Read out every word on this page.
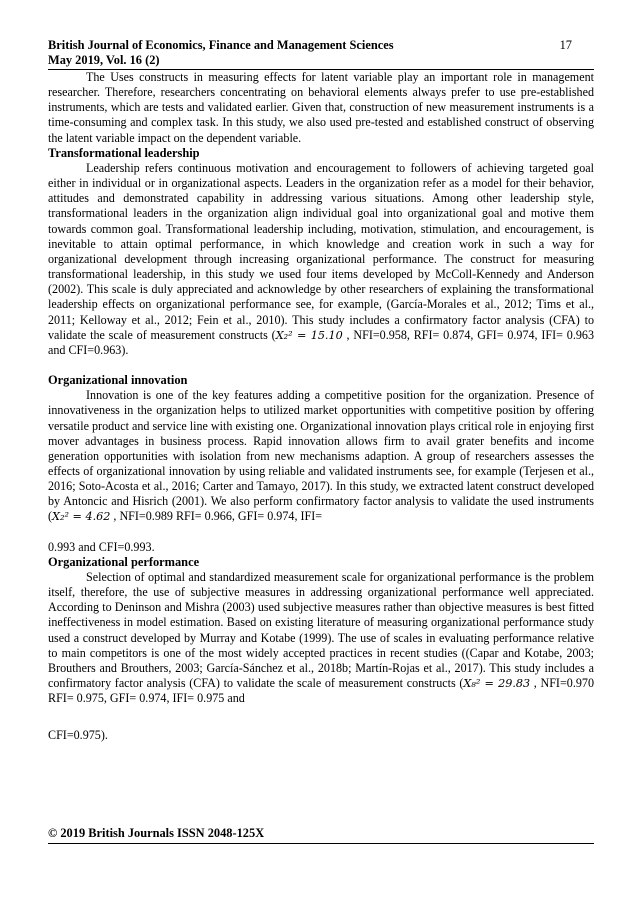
British Journal of Economics, Finance and Management Sciences	17
May 2019, Vol. 16 (2)

The Uses constructs in measuring effects for latent variable play an important role in management researcher. Therefore, researchers concentrating on behavioral elements always prefer to use pre-established instruments, which are tests and validated earlier. Given that, construction of new measurement instruments is a time-consuming and complex task. In this study, we also used pre-tested and established construct of observing the latent variable impact on the dependent variable.

Transformational leadership

Leadership refers continuous motivation and encouragement to followers of achieving targeted goal either in individual or in organizational aspects. Leaders in the organization refer as a model for their behavior, attitudes and demonstrated capability in addressing various situations. Among other leadership style, transformational leaders in the organization align individual goal into organizational goal and motive them towards common goal. Transformational leadership including, motivation, stimulation, and encouragement, is inevitable to attain optimal performance, in which knowledge and creation work in such a way for organizational development through increasing organizational performance. The construct for measuring transformational leadership, in this study we used four items developed by McColl-Kennedy and Anderson (2002). This scale is duly appreciated and acknowledge by other researchers of explaining the transformational leadership effects on organizational performance see, for example, (García-Morales et al., 2012; Tims et al., 2011; Kelloway et al., 2012; Fein et al., 2010). This study includes a confirmatory factor analysis (CFA) to validate the scale of measurement constructs (X₂² = 15.10 , NFI=0.958, RFI= 0.874, GFI= 0.974, IFI= 0.963 and CFI=0.963).

Organizational innovation

Innovation is one of the key features adding a competitive position for the organization. Presence of innovativeness in the organization helps to utilized market opportunities with competitive position by offering versatile product and service line with existing one. Organizational innovation plays critical role in enjoying first mover advantages in business process. Rapid innovation allows firm to avail grater benefits and income generation opportunities with isolation from new mechanisms adaption. A group of researchers assesses the effects of organizational innovation by using reliable and validated instruments see, for example (Terjesen et al., 2016; Soto-Acosta et al., 2016; Carter and Tamayo, 2017). In this study, we extracted latent construct developed by Antoncic and Hisrich (2001). We also perform confirmatory factor analysis to validate the used instruments (X₂² = 4.62 , NFI=0.989 RFI= 0.966, GFI= 0.974, IFI=

0.993 and CFI=0.993.
Organizational performance

Selection of optimal and standardized measurement scale for organizational performance is the problem itself, therefore, the use of subjective measures in addressing organizational performance well appreciated. According to Deninson and Mishra (2003) used subjective measures rather than objective measures is best fitted ineffectiveness in model estimation. Based on existing literature of measuring organizational performance study used a construct developed by Murray and Kotabe (1999). The use of scales in evaluating performance relative to main competitors is one of the most widely accepted practices in recent studies ((Capar and Kotabe, 2003; Brouthers and Brouthers, 2003; García-Sánchez et al., 2018b; Martín-Rojas et al., 2017). This study includes a confirmatory factor analysis (CFA) to validate the scale of measurement constructs (X₈² = 29.83 , NFI=0.970 RFI= 0.975, GFI= 0.974, IFI= 0.975 and

CFI=0.975).
© 2019 British Journals ISSN 2048-125X
